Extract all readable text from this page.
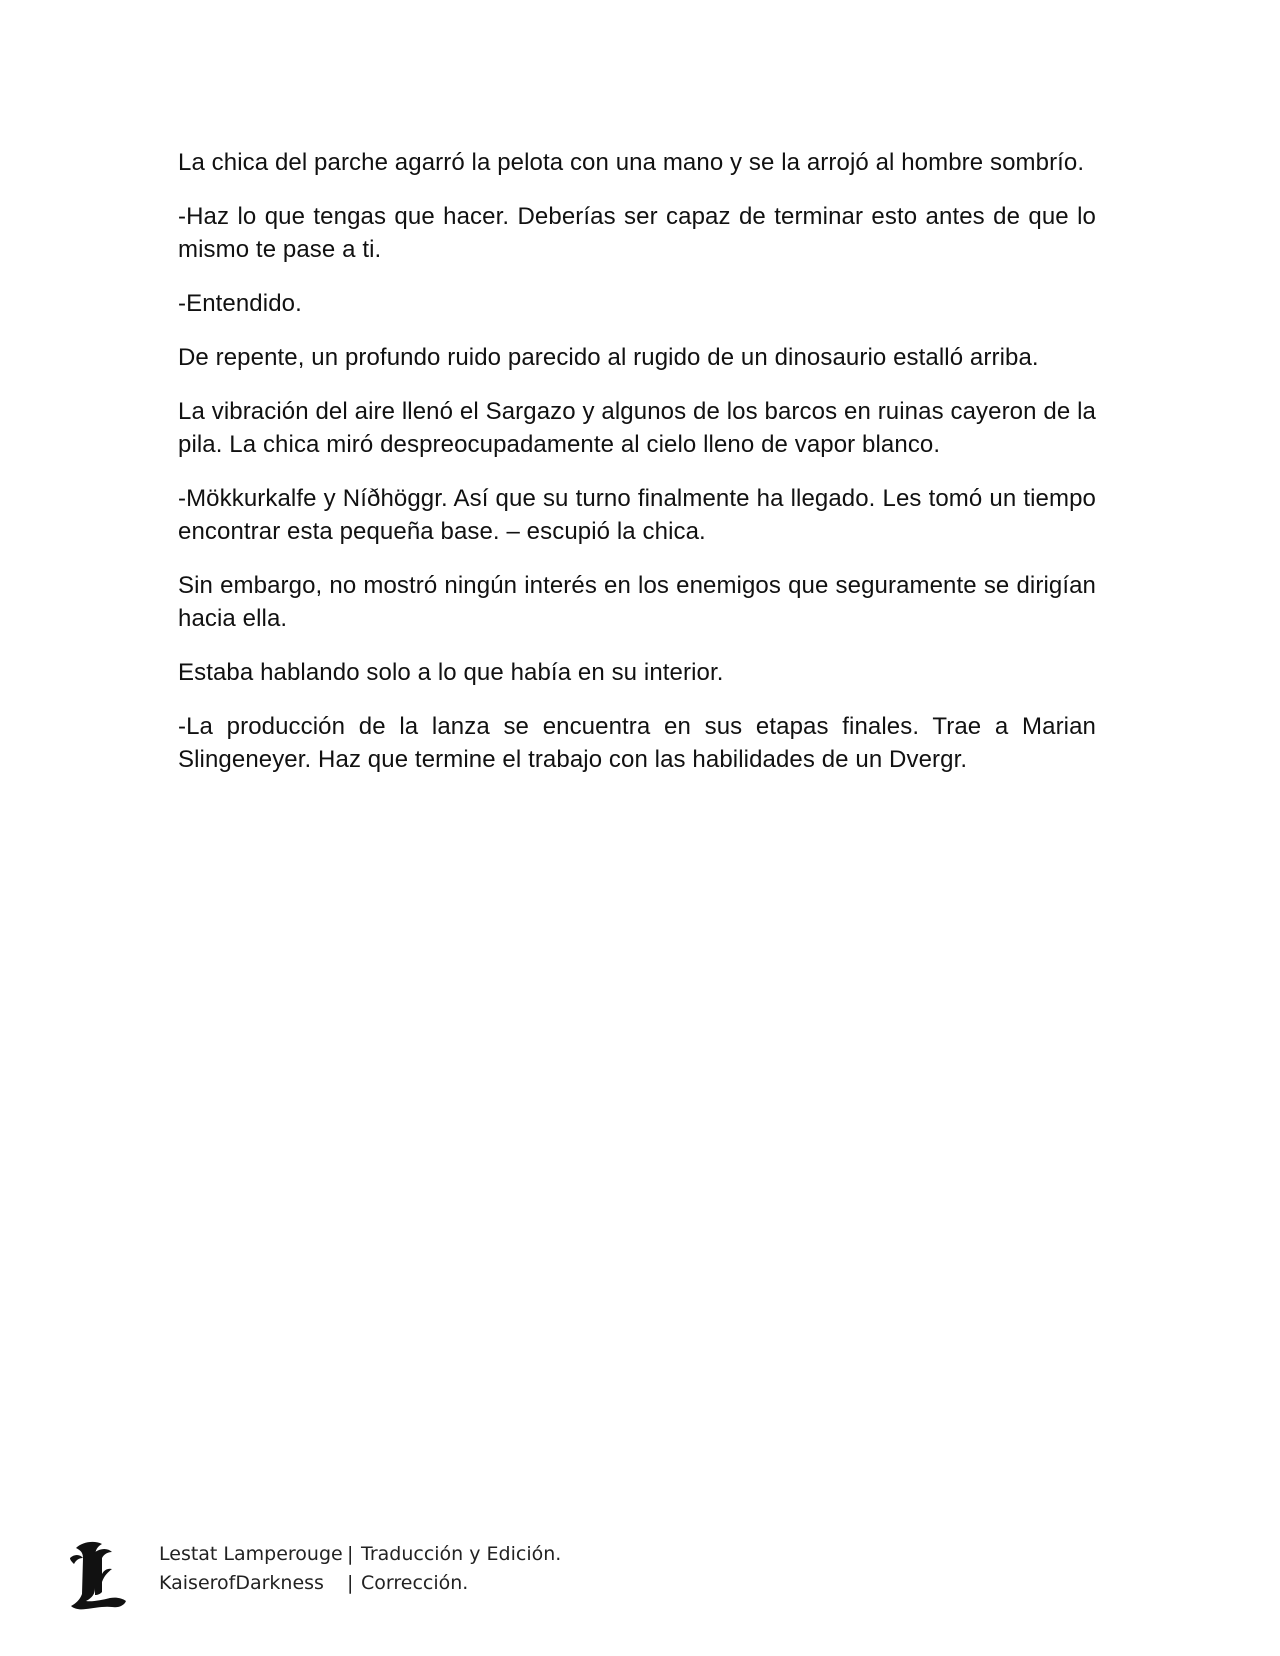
La chica del parche agarró la pelota con una mano y se la arrojó al hombre sombrío.

-Haz lo que tengas que hacer. Deberías ser capaz de terminar esto antes de que lo mismo te pase a ti.

-Entendido.

De repente, un profundo ruido parecido al rugido de un dinosaurio estalló arriba.

La vibración del aire llenó el Sargazo y algunos de los barcos en ruinas cayeron de la pila. La chica miró despreocupadamente al cielo lleno de vapor blanco.

-Mökkurkalfe y Níðhöggr. Así que su turno finalmente ha llegado. Les tomó un tiempo encontrar esta pequeña base. – escupió la chica.

Sin embargo, no mostró ningún interés en los enemigos que seguramente se dirigían hacia ella.

Estaba hablando solo a lo que había en su interior.

-La producción de la lanza se encuentra en sus etapas finales. Trae a Marian Slingeneyer. Haz que termine el trabajo con las habilidades de un Dvergr.

Lestat Lamperouge | Traducción y Edición.
KaiserofDarkness	| Corrección.
